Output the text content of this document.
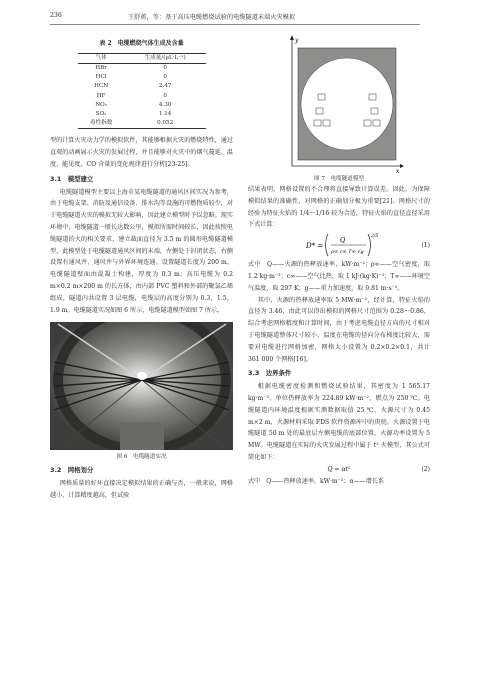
236	王舒蒋，等：基于高压电缆燃烧试验的电缆隧道未端火灾模拟
表 2　电缆燃烧气体生成及含量
气体	生成量/(μL·L⁻¹)
HBr	0
HCl	0
HCN	2.47
HF	0
NO₂	4.30
SO₂	1.14
毒性指数	0.052

型的计算火灾动力学的模拟软件，其能够根据火灾的燃烧特性，通过直观的动画展示火灾的发展过程，并且能够对火灾中的烟气蔓延、温度、能见度、CO 含量的变化规律进行分析[23-25]。

3.1　模型建立

电缆隧道模型主要以上海市某电缆隧道的通风区间实况为参考，由于电缆支架、消防及通信设备、排水沟等设施的可燃物质较少，对于电缆隧道火灾的模拟无较大影响，因此建立模型时予以忽略。现实环境中，电缆隧道一般长达数公里，模拟所需时间较长，因此按照电缆隧道的火的相关要求，建立截面直径为 3.5 m 的圆形电缆隧道模型，此模型处于电缆隧道通风区间的末端，左侧处于封闭状态，右侧设置有通风井，通风井与外界环境连通。设置隧道长度为 200 m，电缆隧道壁面由混凝土构建，厚度为 0.3 m；高压电缆为 0.2 m×0.2 m×200 m 的长方体，由内部 PVC 塑料和外部的聚氯乙烯组成，隧道内共设置 3 层电缆，电缆层的高度分别为 0.3，1.5，1.9 m。电缆隧道实况如图 6 所示，电缆隧道模型如图 7 所示。

图 6　电缆隧道实况
3.2　网格划分

网格质量的好坏直接决定模拟结果的正确与否，一般来说，网格越小，计算精度越高，但试验

x
y
图 7　电缆隧道模型

结果表明，网格设置的不合理将直接导致计算误差。因此，为保障模拟结果的准确性，对网格的正确划分极为重要[21]。网格尺寸的经验为特征火焰的 1/4～1/16 较为合适，特征火焰的直径直径采用下式计算：

D* =
Q
ρ∞ c∞ T∞ √g
2/5
(1)

式中　Q——火源的热释放速率，kW·m⁻²；ρ∞——空气密度，取 1.2 kg·m⁻³；c∞——空气比热，取 1 kJ·(kg·K)⁻¹；T∞——环境空气温度，取 297 K；g——重力加速度，取 9.81 m·s⁻²。

其中，火源的热释放速率取 5 MW·m⁻²，经计算，特征火焰的直径为 3.46，由此可以得出模拟的网格尺寸范围为 0.28～0.86，综合考虑网格精度和计算时间，由于考虑电缆直径方向的尺寸相对于电缆隧道整体尺寸较小，温度在电缆的径向分布梯度比较大，需要对电缆进行网格加密，网格大小设置为 0.2×0.2×0.1，共计 361 000 个网格[16]。

3.3　边界条件

根据电缆密度检测和燃烧试验结果，其密度为 1 565.17 kg·m⁻³，单位热释放率为 224.89 kW·m⁻²，燃点为 250 ℃。电缆隧道内环境温度根据实测数据取值 25 ℃，火源尺寸为 0.45 m×2 m，火源材料采取 FDS 软件资源库中的庚烷，火源设置于电缆隧道 50 m 处的最底层左侧电缆的底部位置，火源功率设置为 5 MW。电缆隧道在实际的火灾发展过程中属于 t² 火模型，其公式可简化如下：

Q = αt²	(2)

式中　Q——热释放速率，kW·m⁻²；α——增长系
